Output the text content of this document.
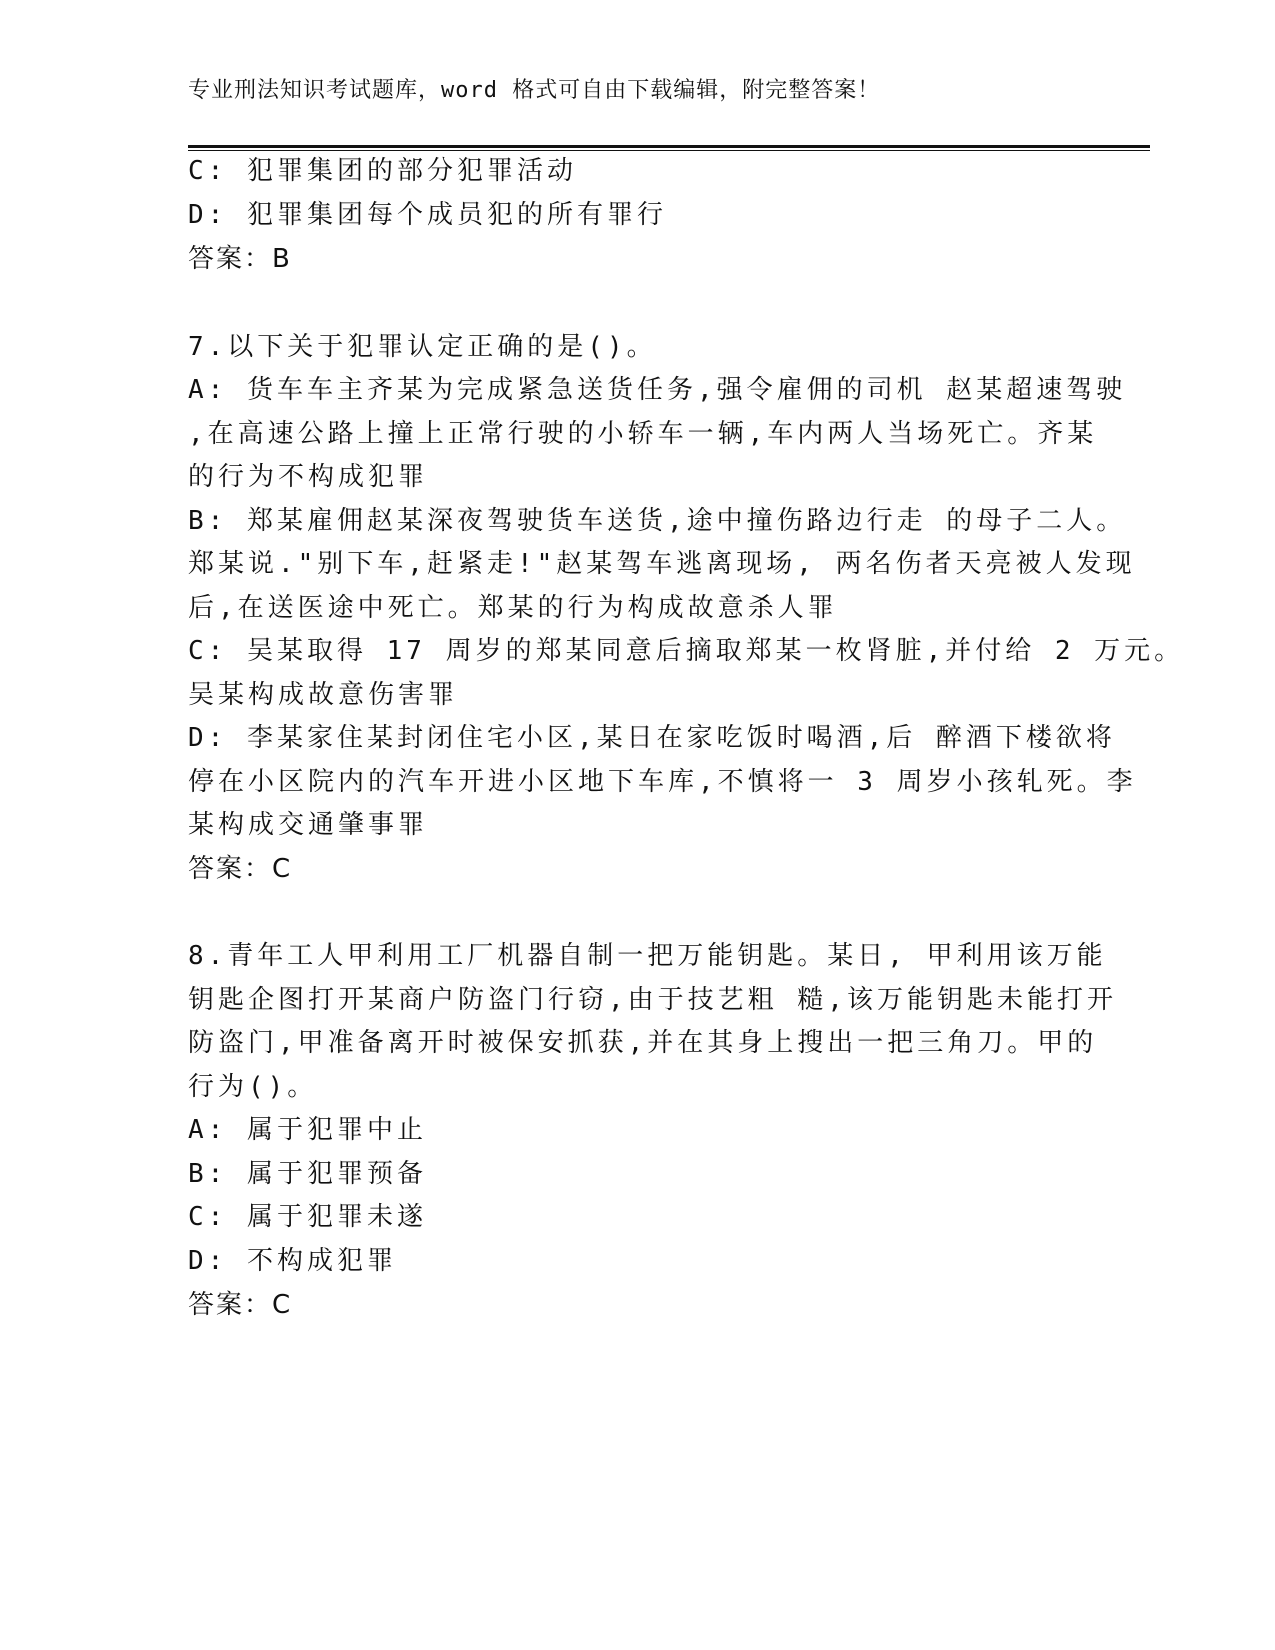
专业刑法知识考试题库，word 格式可自由下载编辑，附完整答案！
C: 犯罪集团的部分犯罪活动
D: 犯罪集团每个成员犯的所有罪行
答案：B
7.以下关于犯罪认定正确的是()。
A: 货车车主齐某为完成紧急送货任务,强令雇佣的司机 赵某超速驾驶
,在高速公路上撞上正常行驶的小轿车一辆,车内两人当场死亡。齐某
的行为不构成犯罪
B: 郑某雇佣赵某深夜驾驶货车送货,途中撞伤路边行走 的母子二人。
郑某说."别下车,赶紧走!"赵某驾车逃离现场, 两名伤者天亮被人发现
后,在送医途中死亡。郑某的行为构成故意杀人罪
C: 吴某取得 17 周岁的郑某同意后摘取郑某一枚肾脏,并付给 2 万元。
吴某构成故意伤害罪
D: 李某家住某封闭住宅小区,某日在家吃饭时喝酒,后 醉酒下楼欲将
停在小区院内的汽车开进小区地下车库,不慎将一 3 周岁小孩轧死。李
某构成交通肇事罪
答案：C
8.青年工人甲利用工厂机器自制一把万能钥匙。某日, 甲利用该万能
钥匙企图打开某商户防盗门行窃,由于技艺粗 糙,该万能钥匙未能打开
防盗门,甲准备离开时被保安抓获,并在其身上搜出一把三角刀。甲的
行为()。
A: 属于犯罪中止
B: 属于犯罪预备
C: 属于犯罪未遂
D: 不构成犯罪
答案：C
